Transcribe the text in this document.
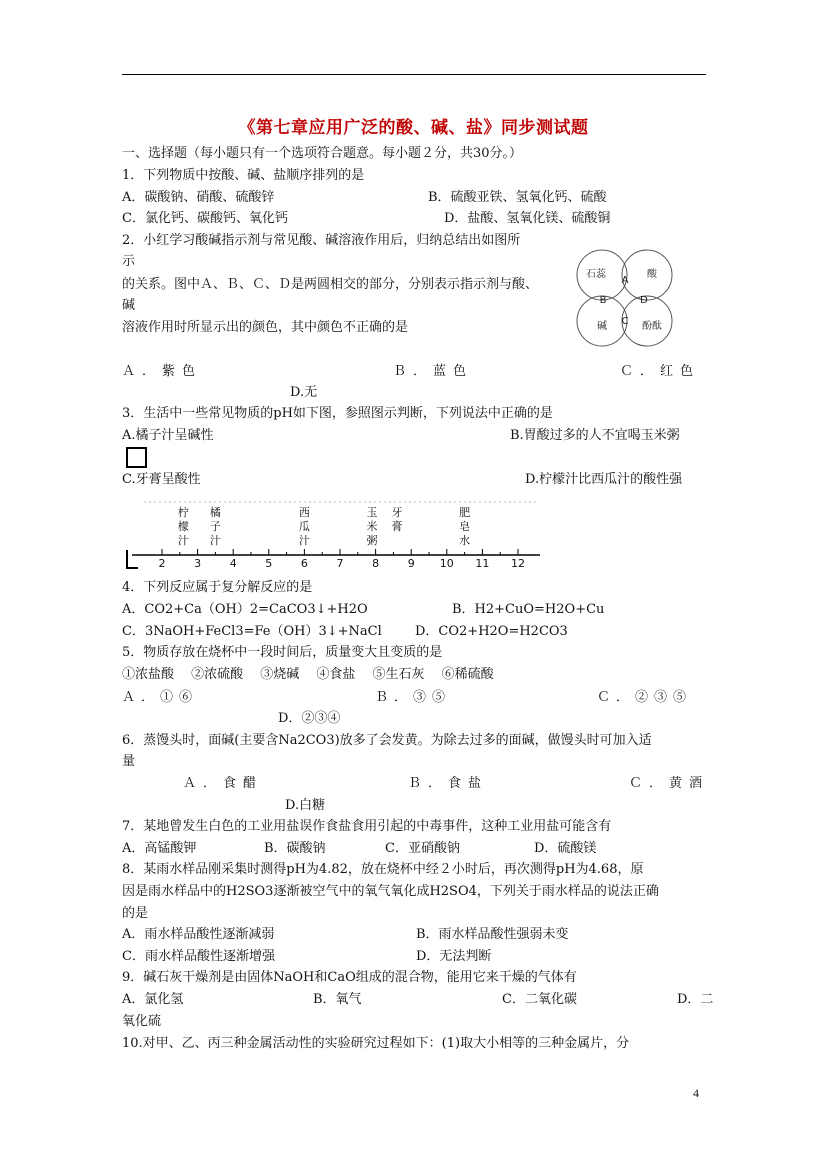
《第七章应用广泛的酸、碱、盐》同步测试题
一、选择题（每小题只有一个选项符合题意。每小题２分，共30分。）
1．下列物质中按酸、碱、盐顺序排列的是
A．碳酸钠、硝酸、硫酸锌	B．硫酸亚铁、氢氧化钙、硫酸
C．氯化钙、碳酸钙、氧化钙	D．盐酸、氢氧化镁、硫酸铜
2．小红学习酸碱指示剂与常见酸、碱溶液作用后，归纳总结出如图所
示
的关系。图中Ａ、Ｂ、Ｃ、Ｄ是两圆相交的部分，分别表示指示剂与酸、
碱
溶液作用时所显示出的颜色，其中颜色不正确的是
石蕊	酸
碱	酚酞
A
B	D
C
Ａ．紫色	Ｂ．蓝色	Ｃ．红色
D.无
3．生活中一些常见物质的pH如下图，参照图示判断，下列说法中正确的是
A.橘子汁呈碱性	B.胃酸过多的人不宜喝玉米粥
C.牙膏呈酸性	D.柠檬汁比西瓜汁的酸性强
2	3	4	5	6	7	8	9 10 11 12
柠
檬
汁
橘
子
汁
西
瓜
汁
玉
米
粥
牙
膏
肥
皂
水
4．下列反应属于复分解反应的是
A．CO2+Ca（OH）2=CaCO3↓+H2O	B．H2+CuO=H2O+Cu
C．3NaOH+FeCl3=Fe（OH）3↓+NaCl	D．CO2+H2O=H2CO3
5．物质存放在烧杯中一段时间后，质量变大且变质的是
①浓盐酸　 ②浓硫酸　 ③烧碱　 ④食盐　 ⑤生石灰　 ⑥稀硫酸
Ａ．①⑥	Ｂ．③⑤	Ｃ．②③⑤
D．②③④
6．蒸馒头时，面碱(主要含Na2CO3)放多了会发黄。为除去过多的面碱，做馒头时可加入适
量
Ａ．食醋	Ｂ．食盐	Ｃ．黄酒
D.白糖
7．某地曾发生白色的工业用盐误作食盐食用引起的中毒事件，这种工业用盐可能含有
A．高锰酸钾	B．碳酸钠	C．亚硝酸钠	D．硫酸镁
8．某雨水样品刚采集时测得pH为4.82，放在烧杯中经２小时后，再次测得pH为4.68，原
因是雨水样品中的H2SO3逐渐被空气中的氧气氧化成H2SO4，下列关于雨水样品的说法正确
的是
A．雨水样品酸性逐渐减弱	B．雨水样品酸性强弱未变
C．雨水样品酸性逐渐增强	D．无法判断
9．碱石灰干燥剂是由固体NaOH和CaO组成的混合物，能用它来干燥的气体有
A．氯化氢	B．氧气	C．二氧化碳	D．二
氧化硫
10.对甲、乙、丙三种金属活动性的实验研究过程如下：(1)取大小相等的三种金属片，分
4
